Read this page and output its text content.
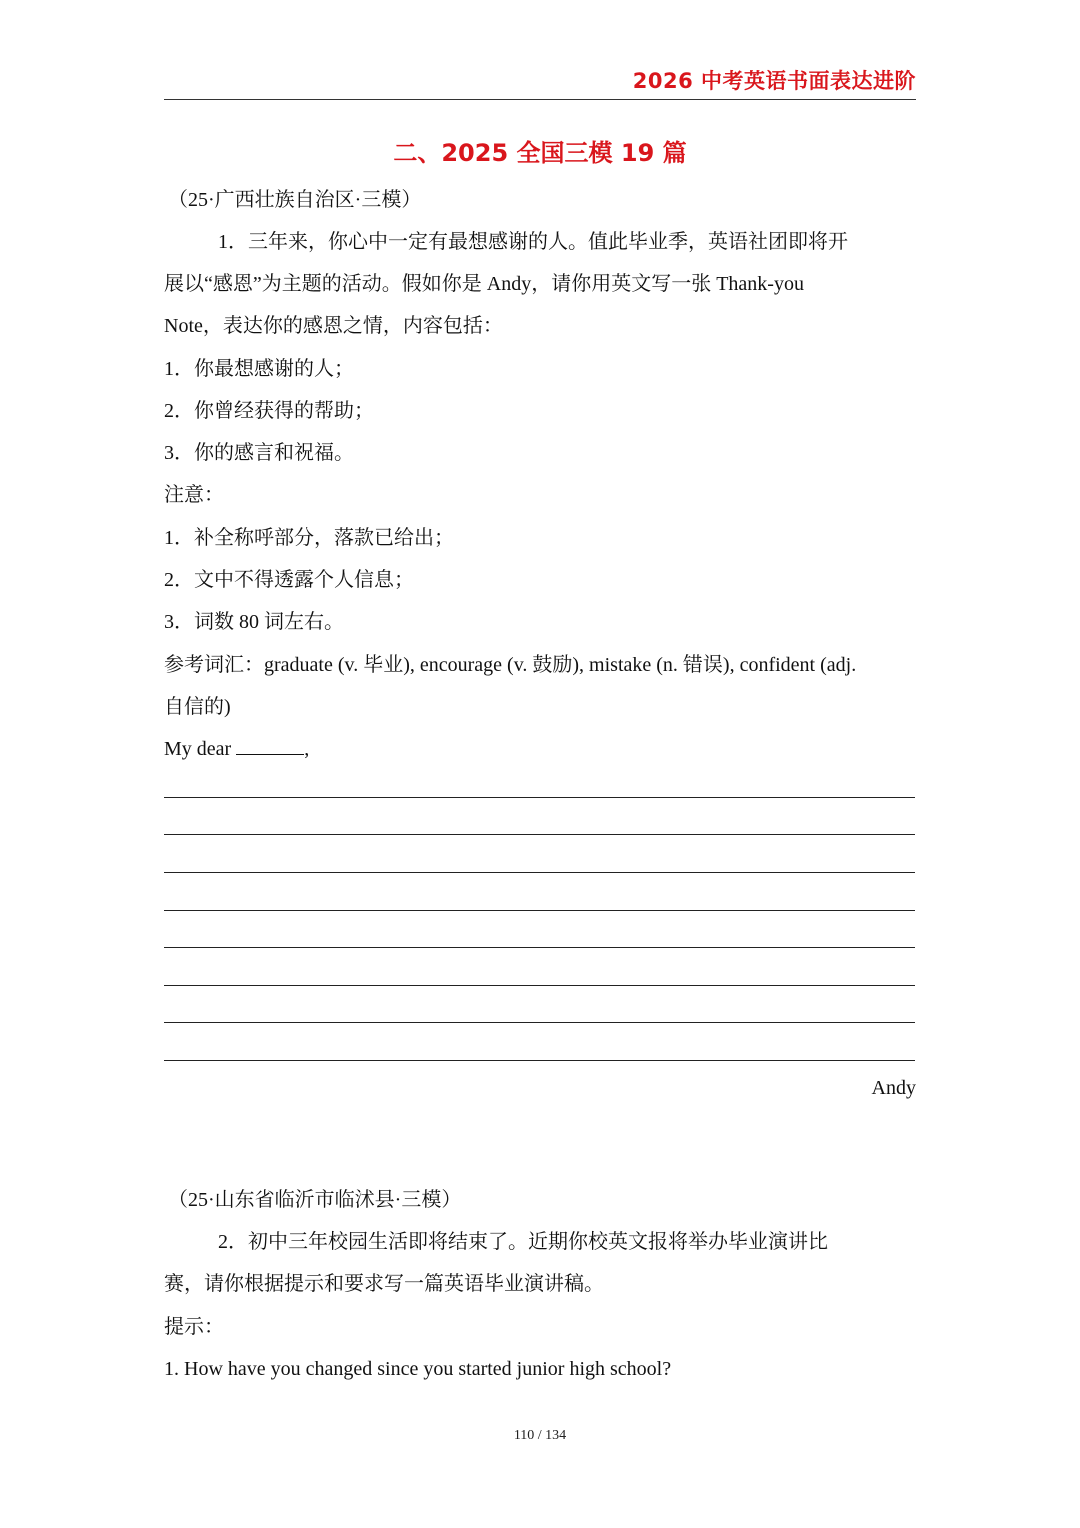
2026 中考英语书面表达进阶
二、2025 全国三模 19 篇
（25·广西壮族自治区·三模）
1．三年来，你心中一定有最想感谢的人。值此毕业季，英语社团即将开
展以“感恩”为主题的活动。假如你是 Andy，请你用英文写一张 Thank-you
Note，表达你的感恩之情，内容包括：
1．你最想感谢的人；
2．你曾经获得的帮助；
3．你的感言和祝福。
注意：
1．补全称呼部分，落款已给出；
2．文中不得透露个人信息；
3．词数 80 词左右。
参考词汇：graduate (v. 毕业), encourage (v. 鼓励), mistake (n. 错误), confident (adj.
自信的)
My dear	,
Andy
（25·山东省临沂市临沭县·三模）
2．初中三年校园生活即将结束了。近期你校英文报将举办毕业演讲比
赛，请你根据提示和要求写一篇英语毕业演讲稿。
提示：
1. How have you changed since you started junior high school?
110 / 134
